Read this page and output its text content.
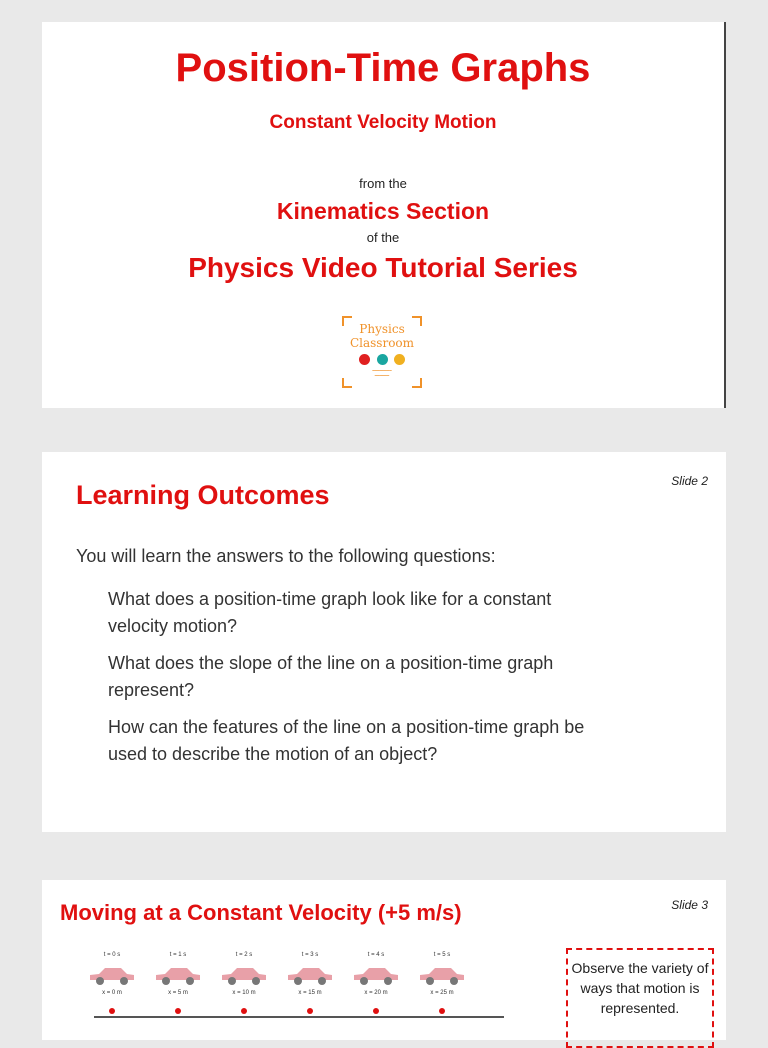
Position-Time Graphs
Constant Velocity Motion
from the
Kinematics Section
of the
Physics Video Tutorial Series
Physics
Classroom

━━━━━━━━
━━━━━━
Slide 2
Learning Outcomes
You will learn the answers to the following questions:
What does a position-time graph look like for a constant velocity motion?
What does the slope of the line on a position-time graph represent?
How can the features of the line on a position-time graph be used to describe the motion of an object?
Slide 3
Moving at a Constant Velocity (+5 m/s)
t = 0 s
x = 0 m
t = 1 s
x = 5 m
t = 2 s
x = 10 m
t = 3 s
x = 15 m
t = 4 s
x = 20 m
t = 5 s
x = 25 m
Observe the variety of ways that motion is represented.
